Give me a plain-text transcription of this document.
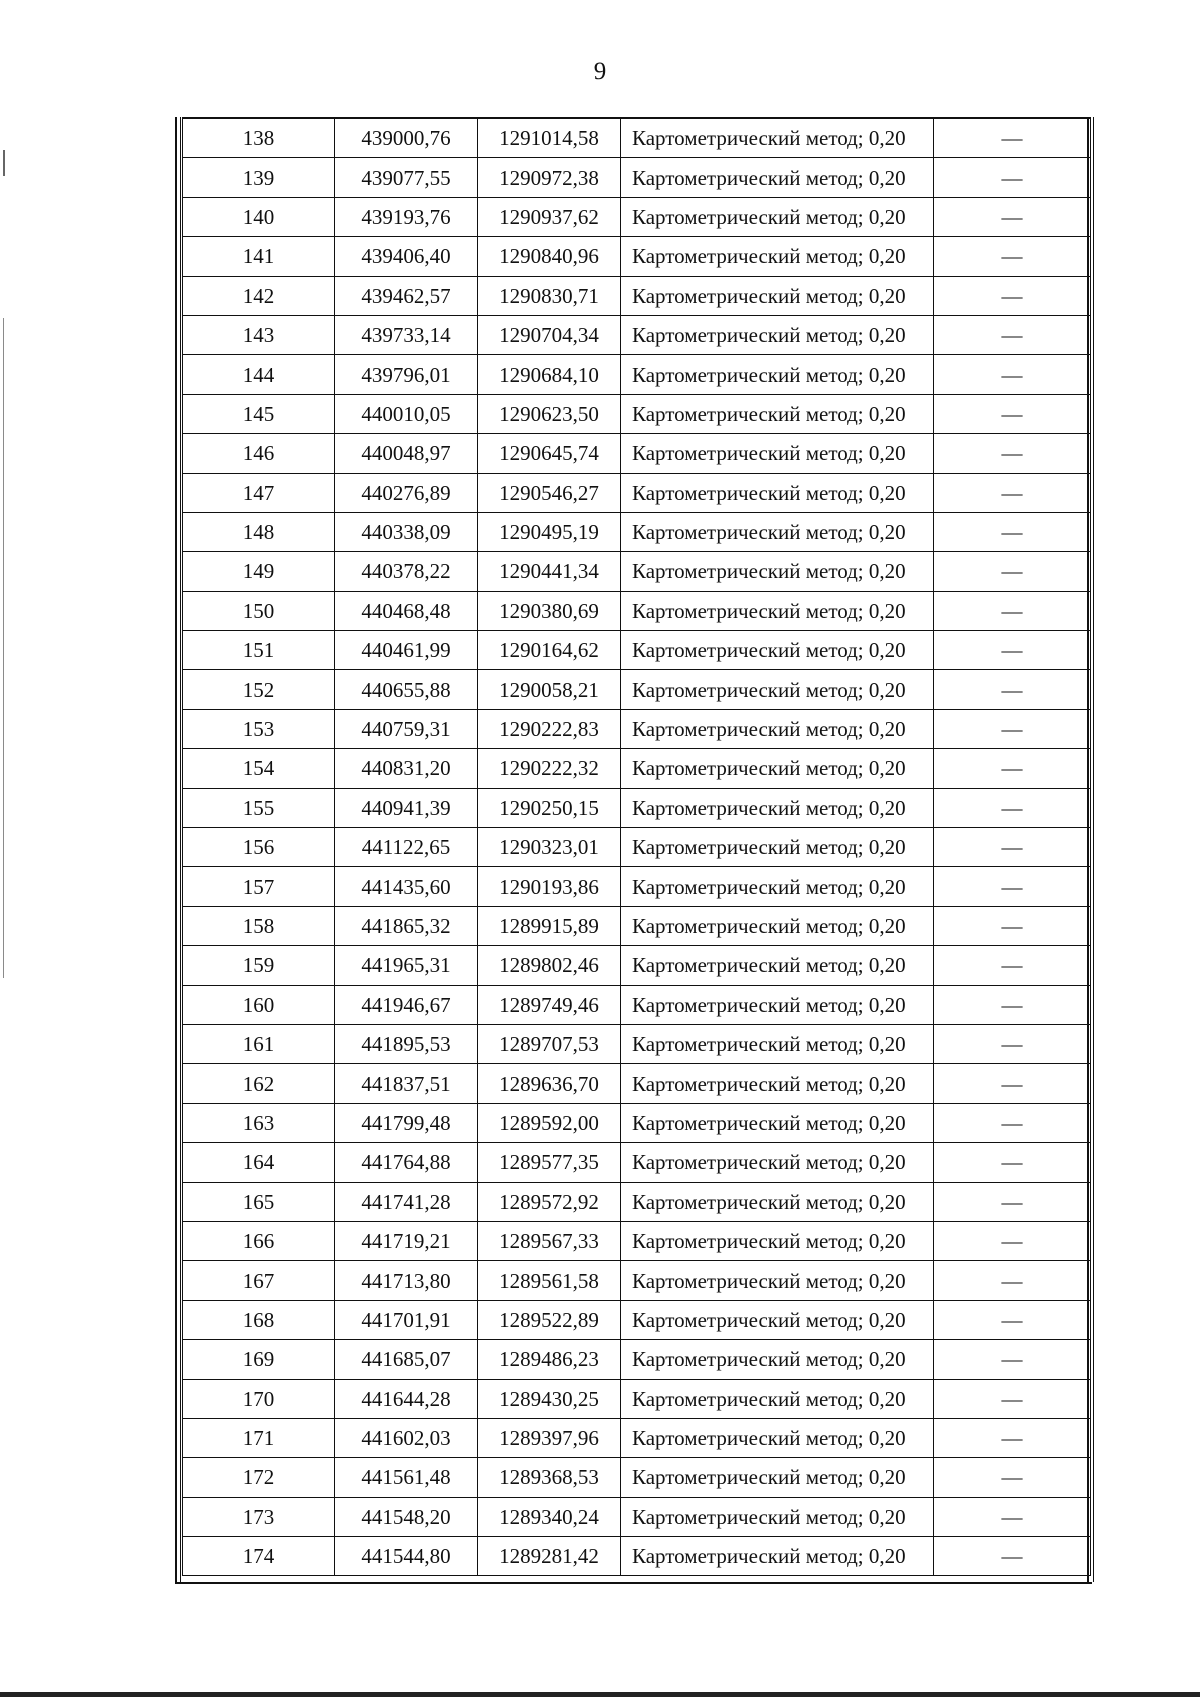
9
138	439000,76	1291014,58	Картометрический метод; 0,20	—
139	439077,55	1290972,38	Картометрический метод; 0,20	—
140	439193,76	1290937,62	Картометрический метод; 0,20	—
141	439406,40	1290840,96	Картометрический метод; 0,20	—
142	439462,57	1290830,71	Картометрический метод; 0,20	—
143	439733,14	1290704,34	Картометрический метод; 0,20	—
144	439796,01	1290684,10	Картометрический метод; 0,20	—
145	440010,05	1290623,50	Картометрический метод; 0,20	—
146	440048,97	1290645,74	Картометрический метод; 0,20	—
147	440276,89	1290546,27	Картометрический метод; 0,20	—
148	440338,09	1290495,19	Картометрический метод; 0,20	—
149	440378,22	1290441,34	Картометрический метод; 0,20	—
150	440468,48	1290380,69	Картометрический метод; 0,20	—
151	440461,99	1290164,62	Картометрический метод; 0,20	—
152	440655,88	1290058,21	Картометрический метод; 0,20	—
153	440759,31	1290222,83	Картометрический метод; 0,20	—
154	440831,20	1290222,32	Картометрический метод; 0,20	—
155	440941,39	1290250,15	Картометрический метод; 0,20	—
156	441122,65	1290323,01	Картометрический метод; 0,20	—
157	441435,60	1290193,86	Картометрический метод; 0,20	—
158	441865,32	1289915,89	Картометрический метод; 0,20	—
159	441965,31	1289802,46	Картометрический метод; 0,20	—
160	441946,67	1289749,46	Картометрический метод; 0,20	—
161	441895,53	1289707,53	Картометрический метод; 0,20	—
162	441837,51	1289636,70	Картометрический метод; 0,20	—
163	441799,48	1289592,00	Картометрический метод; 0,20	—
164	441764,88	1289577,35	Картометрический метод; 0,20	—
165	441741,28	1289572,92	Картометрический метод; 0,20	—
166	441719,21	1289567,33	Картометрический метод; 0,20	—
167	441713,80	1289561,58	Картометрический метод; 0,20	—
168	441701,91	1289522,89	Картометрический метод; 0,20	—
169	441685,07	1289486,23	Картометрический метод; 0,20	—
170	441644,28	1289430,25	Картометрический метод; 0,20	—
171	441602,03	1289397,96	Картометрический метод; 0,20	—
172	441561,48	1289368,53	Картометрический метод; 0,20	—
173	441548,20	1289340,24	Картометрический метод; 0,20	—
174	441544,80	1289281,42	Картометрический метод; 0,20	—
